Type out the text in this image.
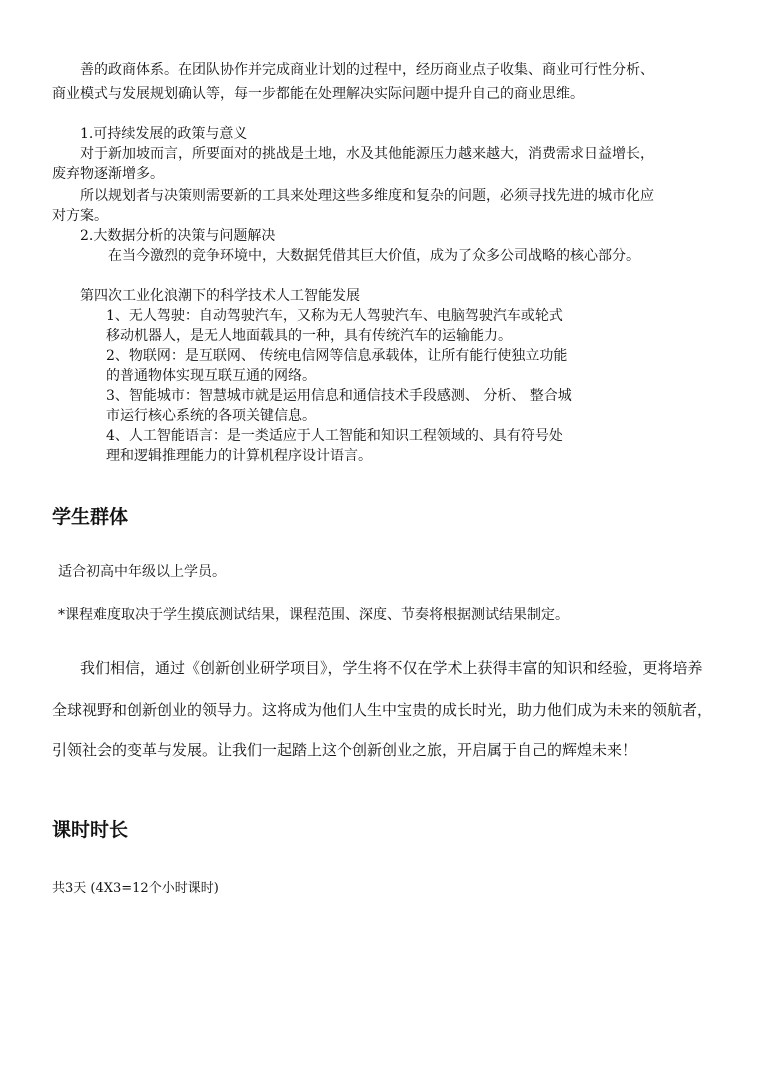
善的政商体系。在团队协作并完成商业计划的过程中，经历商业点子收集、商业可行性分析、
商业模式与发展规划确认等，每一步都能在处理解决实际问题中提升自己的商业思维。
1.可持续发展的政策与意义
对于新加坡而言，所要面对的挑战是土地，水及其他能源压力越来越大，消费需求日益增长，
废弃物逐渐增多。
所以规划者与决策则需要新的工具来处理这些多维度和复杂的问题，必须寻找先进的城市化应
对方案。
2.大数据分析的决策与问题解决
在当今激烈的竞争环境中，大数据凭借其巨大价值，成为了众多公司战略的核心部分。
第四次工业化浪潮下的科学技术人工智能发展
1、无人驾驶：自动驾驶汽车，又称为无人驾驶汽车、电脑驾驶汽车或轮式
移动机器人，是无人地面载具的一种，具有传统汽车的运输能力。
2、物联网：是互联网、 传统电信网等信息承载体，让所有能行使独立功能
的普通物体实现互联互通的网络。
3、智能城市：智慧城市就是运用信息和通信技术手段感测、 分析、 整合城
市运行核心系统的各项关键信息。
4、人工智能语言：是一类适应于人工智能和知识工程领域的、具有符号处
理和逻辑推理能力的计算机程序设计语言。
学生群体
适合初高中年级以上学员。
*课程难度取决于学生摸底测试结果，课程范围、深度、节奏将根据测试结果制定。
我们相信，通过《创新创业研学项目》，学生将不仅在学术上获得丰富的知识和经验，更将培养
全球视野和创新创业的领导力。这将成为他们人生中宝贵的成长时光，助力他们成为未来的领航者，
引领社会的变革与发展。让我们一起踏上这个创新创业之旅，开启属于自己的辉煌未来！
课时时长
共3天 (4X3=12个小时课时)
